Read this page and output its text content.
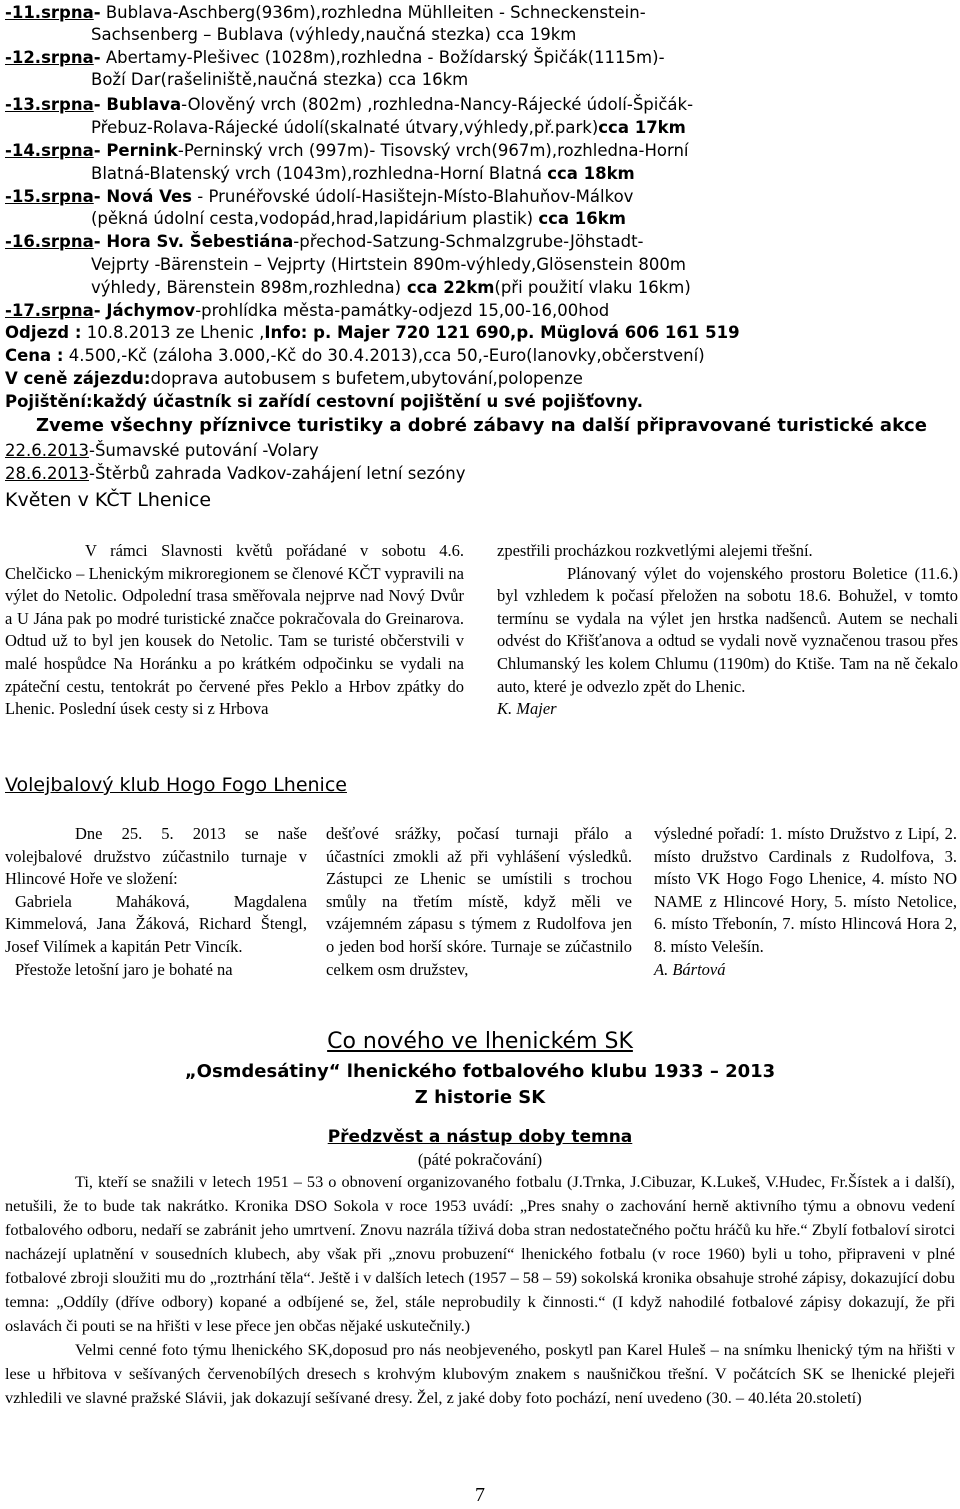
-11.srpna- Bublava-Aschberg(936m),rozhledna Mühlleiten - Schneckenstein-
Sachsenberg – Bublava (výhledy,naučná stezka) cca 19km
-12.srpna- Abertamy-Plešivec (1028m),rozhledna - Božídarský Špičák(1115m)-
Boží Dar(rašeliniště,naučná stezka) cca 16km
-13.srpna- Bublava-Olověný vrch (802m) ,rozhledna-Nancy-Rájecké údolí-Špičák-
Přebuz-Rolava-Rájecké údolí(skalnaté útvary,výhledy,př.park)cca 17km
-14.srpna- Pernink-Perninský vrch (997m)- Tisovský vrch(967m),rozhledna-Horní
Blatná-Blatenský vrch (1043m),rozhledna-Horní Blatná cca 18km
-15.srpna- Nová Ves - Prunéřovské údolí-Hasištejn-Místo-Blahuňov-Málkov
(pěkná údolní cesta,vodopád,hrad,lapidárium plastik) cca 16km
-16.srpna- Hora Sv. Šebestiána-přechod-Satzung-Schmalzgrube-Jöhstadt-
Vejprty -Bärenstein – Vejprty (Hirtstein 890m-výhledy,Glösenstein 800m
výhledy, Bärenstein 898m,rozhledna) cca 22km(při použití vlaku 16km)
-17.srpna- Jáchymov-prohlídka města-památky-odjezd 15,00-16,00hod
Odjezd : 10.8.2013 ze Lhenic ,Info: p. Majer 720 121 690,p. Müglová 606 161 519
Cena : 4.500,-Kč (záloha 3.000,-Kč do 30.4.2013),cca 50,-Euro(lanovky,občerstvení)
V ceně zájezdu:doprava autobusem s bufetem,ubytování,polopenze
Pojištění:každý účastník si zařídí cestovní pojištění u své pojišťovny.
Zveme všechny příznivce turistiky a dobré zábavy na další připravované turistické akce
22.6.2013-Šumavské putování -Volary
28.6.2013-Štěrbů zahrada Vadkov-zahájení letní sezóny
Květen v KČT Lhenice

V rámci Slavnosti květů pořádané v sobotu 4.6. Chelčicko – Lhenickým mikroregionem se členové KČT vypravili na výlet do Netolic. Odpolední trasa směřovala nejprve nad Nový Dvůr a U Jána pak po modré turistické značce pokračovala do Greinarova. Odtud už to byl jen kousek do Netolic. Tam se turisté občerstvili v malé hospůdce Na Horánku a po krátkém odpočinku se vydali na zpáteční cestu, tentokrát po červené přes Peklo a Hrbov zpátky do Lhenic. Poslední úsek cesty si z Hrbova

zpestřili procházkou rozkvetlými alejemi třešní.

Plánovaný výlet do vojenského prostoru Boletice (11.6.) byl vzhledem k počasí přeložen na sobotu 18.6. Bohužel, v tomto termínu se vydala na výlet jen hrstka nadšenců. Autem se nechali odvést do Křišťanova a odtud se vydali nově vyznačenou trasou přes Chlumanský les kolem Chlumu (1190m) do Ktiše. Tam na ně čekalo auto, které je odvezlo zpět do Lhenic.

K. Majer

Volejbalový klub Hogo Fogo Lhenice

Dne 25. 5. 2013 se naše volejbalové družstvo zúčastnilo turnaje v Hlincové Hoře ve složení:

Gabriela Maháková, Magdalena Kimmelová, Jana Žáková, Richard Štengl, Josef Vilímek a kapitán Petr Vincík.

Přestože letošní jaro je bohaté na

dešťové srážky, počasí turnaji přálo a účastníci zmokli až při vyhlášení výsledků. Zástupci ze Lhenic se umístili s trochou smůly na třetím místě, když měli ve vzájemném zápasu s týmem z Rudolfova jen o jeden bod horší skóre. Turnaje se zúčastnilo celkem osm družstev,

výsledné pořadí: 1. místo Družstvo z Lipí, 2. místo družstvo Cardinals z Rudolfova, 3. místo VK Hogo Fogo Lhenice, 4. místo NO NAME z Hlincové Hory, 5. místo Netolice, 6. místo Třebonín, 7. místo Hlincová Hora 2, 8. místo Velešín.

A. Bártová

Co nového ve lhenickém SK
„Osmdesátiny“ lhenického fotbalového klubu 1933 – 2013
Z historie SK
Předzvěst a nástup doby temna
(páté pokračování)

Ti, kteří se snažili v letech 1951 – 53 o obnovení organizovaného fotbalu (J.Trnka, J.Cibuzar, K.Lukeš, V.Hudec, Fr.Šístek a i další), netušili, že to bude tak nakrátko. Kronika DSO Sokola v roce 1953 uvádí: „Pres snahy o zachování herně aktivního týmu a obnovu vedení fotbalového odboru, nedaří se zabránit jeho umrtvení. Znovu nazrála tíživá doba stran nedostatečného počtu hráčů ku hře.“ Zbylí fotbaloví sirotci nacházejí uplatnění v sousedních klubech, aby však při „znovu probuzení“ lhenického fotbalu (v roce 1960) byli u toho, připraveni v plné fotbalové zbroji sloužiti mu do „roztrhání těla“. Ještě i v dalších letech (1957 – 58 – 59) sokolská kronika obsahuje strohé zápisy, dokazující dobu temna: „Oddíly (dříve odbory) kopané a odbíjené se, žel, stále neprobudily k činnosti.“ (I když nahodilé fotbalové zápisy dokazují, že při oslavách či pouti se na hřišti v lese přece jen občas nějaké uskutečnily.)

Velmi cenné foto týmu lhenického SK,doposud pro nás neobjeveného, poskytl pan Karel Huleš – na snímku lhenický tým na hřišti v lese u hřbitova v sešívaných červenobílých dresech s krohvým klubovým znakem s naušničkou třešní. V počátcích SK se lhenické plejeři vzhledili ve slavné pražské Slávii, jak dokazují sešívané dresy. Žel, z jaké doby foto pochází, není uvedeno (30. – 40.léta 20.století)

7
